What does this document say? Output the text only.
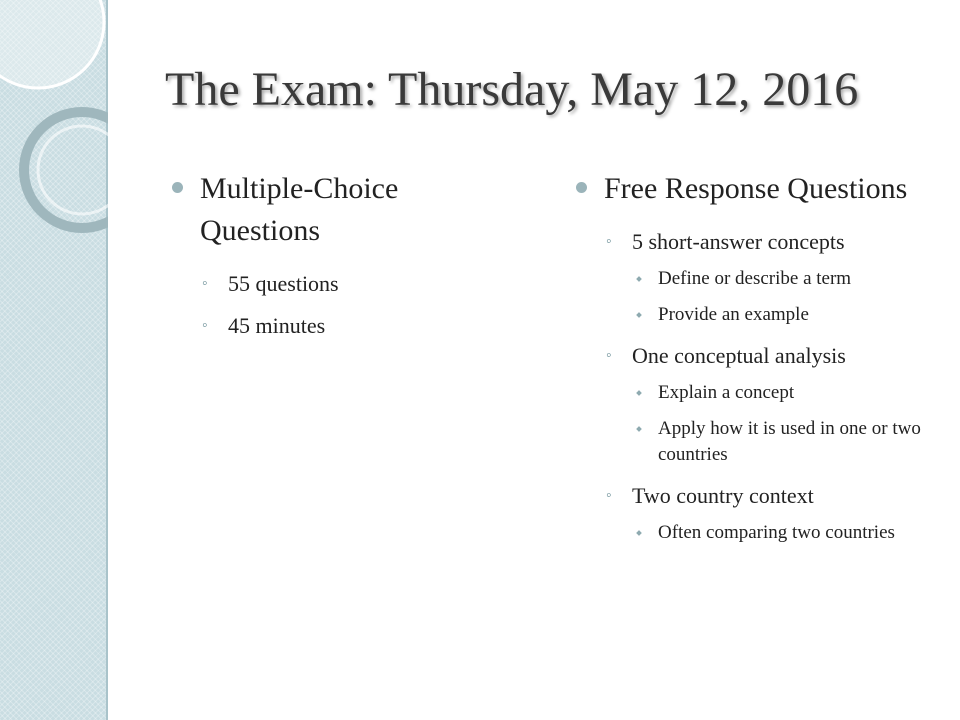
The Exam: Thursday, May 12, 2016
Multiple-Choice Questions
◦ 55 questions
◦ 45 minutes
Free Response Questions
◦ 5 short-answer concepts
Define or describe a term
Provide an example
◦ One conceptual analysis
Explain a concept
Apply how it is used in one or two countries
◦ Two country context
Often comparing two countries
